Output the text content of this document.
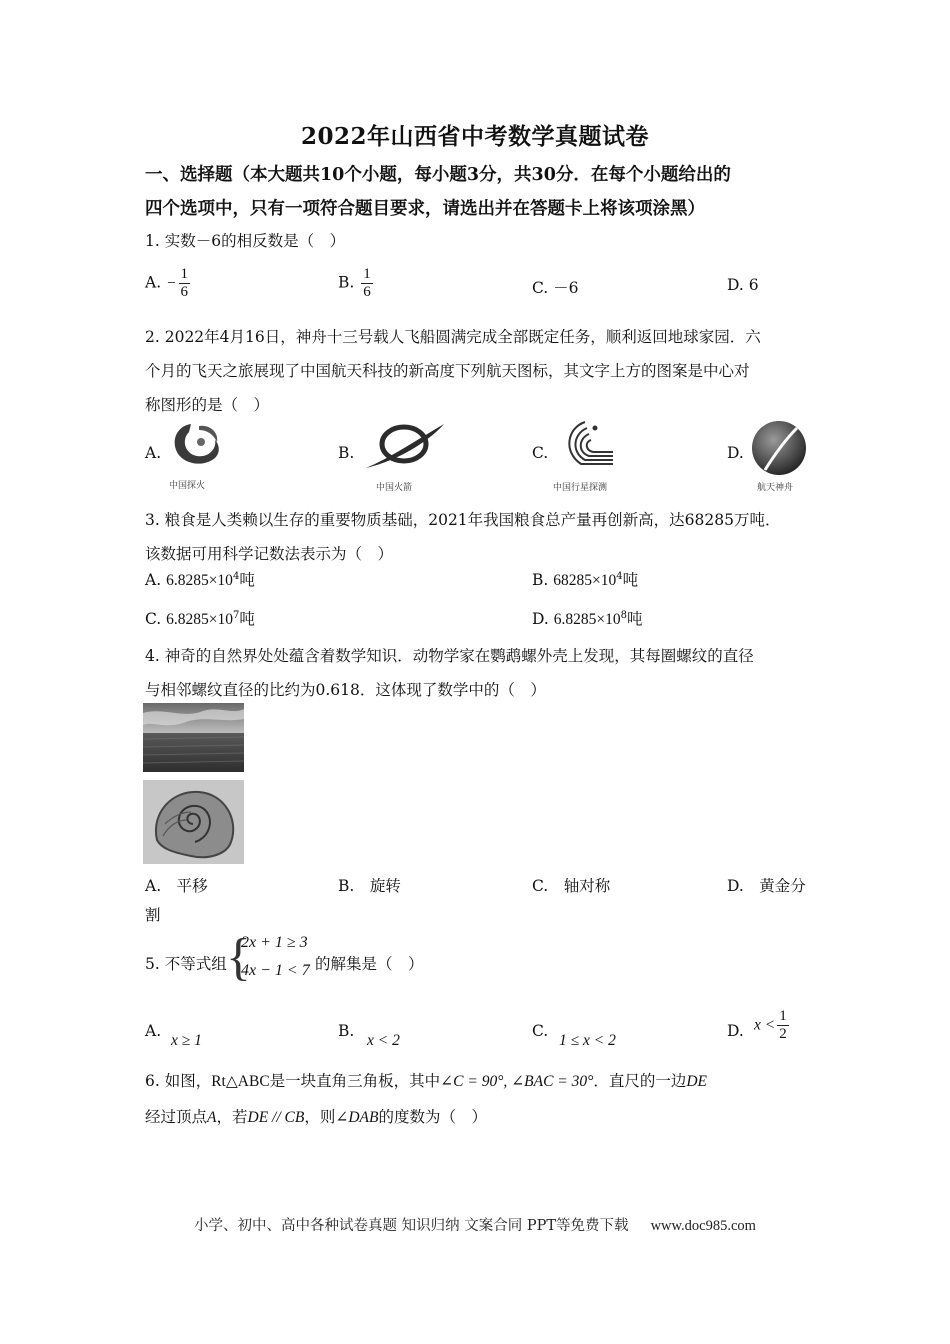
2022年山西省中考数学真题试卷
一、选择题（本大题共10个小题，每小题3分，共30分．在每个小题给出的
四个选项中，只有一项符合题目要求，请选出并在答题卡上将该项涂黑）
1. 实数－6的相反数是（　）
A. − $\frac{1}{6}$	B. $\frac{1}{6}$	C. －6	D. 6
2. 2022年4月16日，神舟十三号载人飞船圆满完成全部既定任务，顺利返回地球家园．六
个月的飞天之旅展现了中国航天科技的新高度下列航天图标，其文字上方的图案是中心对
称图形的是（　）
A.
中国探火
B.
中国火箭
C.
中国行星探测
D.
航天神舟
3. 粮食是人类赖以生存的重要物质基础，2021年我国粮食总产量再创新高，达68285万吨．
该数据可用科学记数法表示为（　）
A. $6.8285\times 10^4$吨	B. $68285\times 10^4$吨
C. $6.8285\times 10^7$吨	D. $6.8285\times 10^8$吨
4. 神奇的自然界处处蕴含着数学知识．动物学家在鹦鹉螺外壳上发现，其每圈螺纹的直径
与相邻螺纹直径的比约为0.618．这体现了数学中的（　）
A.　平移	B.　旋转	C.　轴对称	D.　黄金分
割
5. 不等式组 {
2x + 1 ≥ 3
4x − 1 < 7 的解集是（　）
A.
x ≥ 1
B.
x < 2
C.
1 ≤ x < 2
D. $x < \frac{1}{2}$
6. 如图，Rt△ABC是一块直角三角板，其中∠C = 90°, ∠BAC = 30°．直尺的一边DE
经过顶点A，若DE // CB，则∠DAB的度数为（　）
小学、初中、高中各种试卷真题 知识归纳 文案合同 PPT等免费下载 www.doc985.com
